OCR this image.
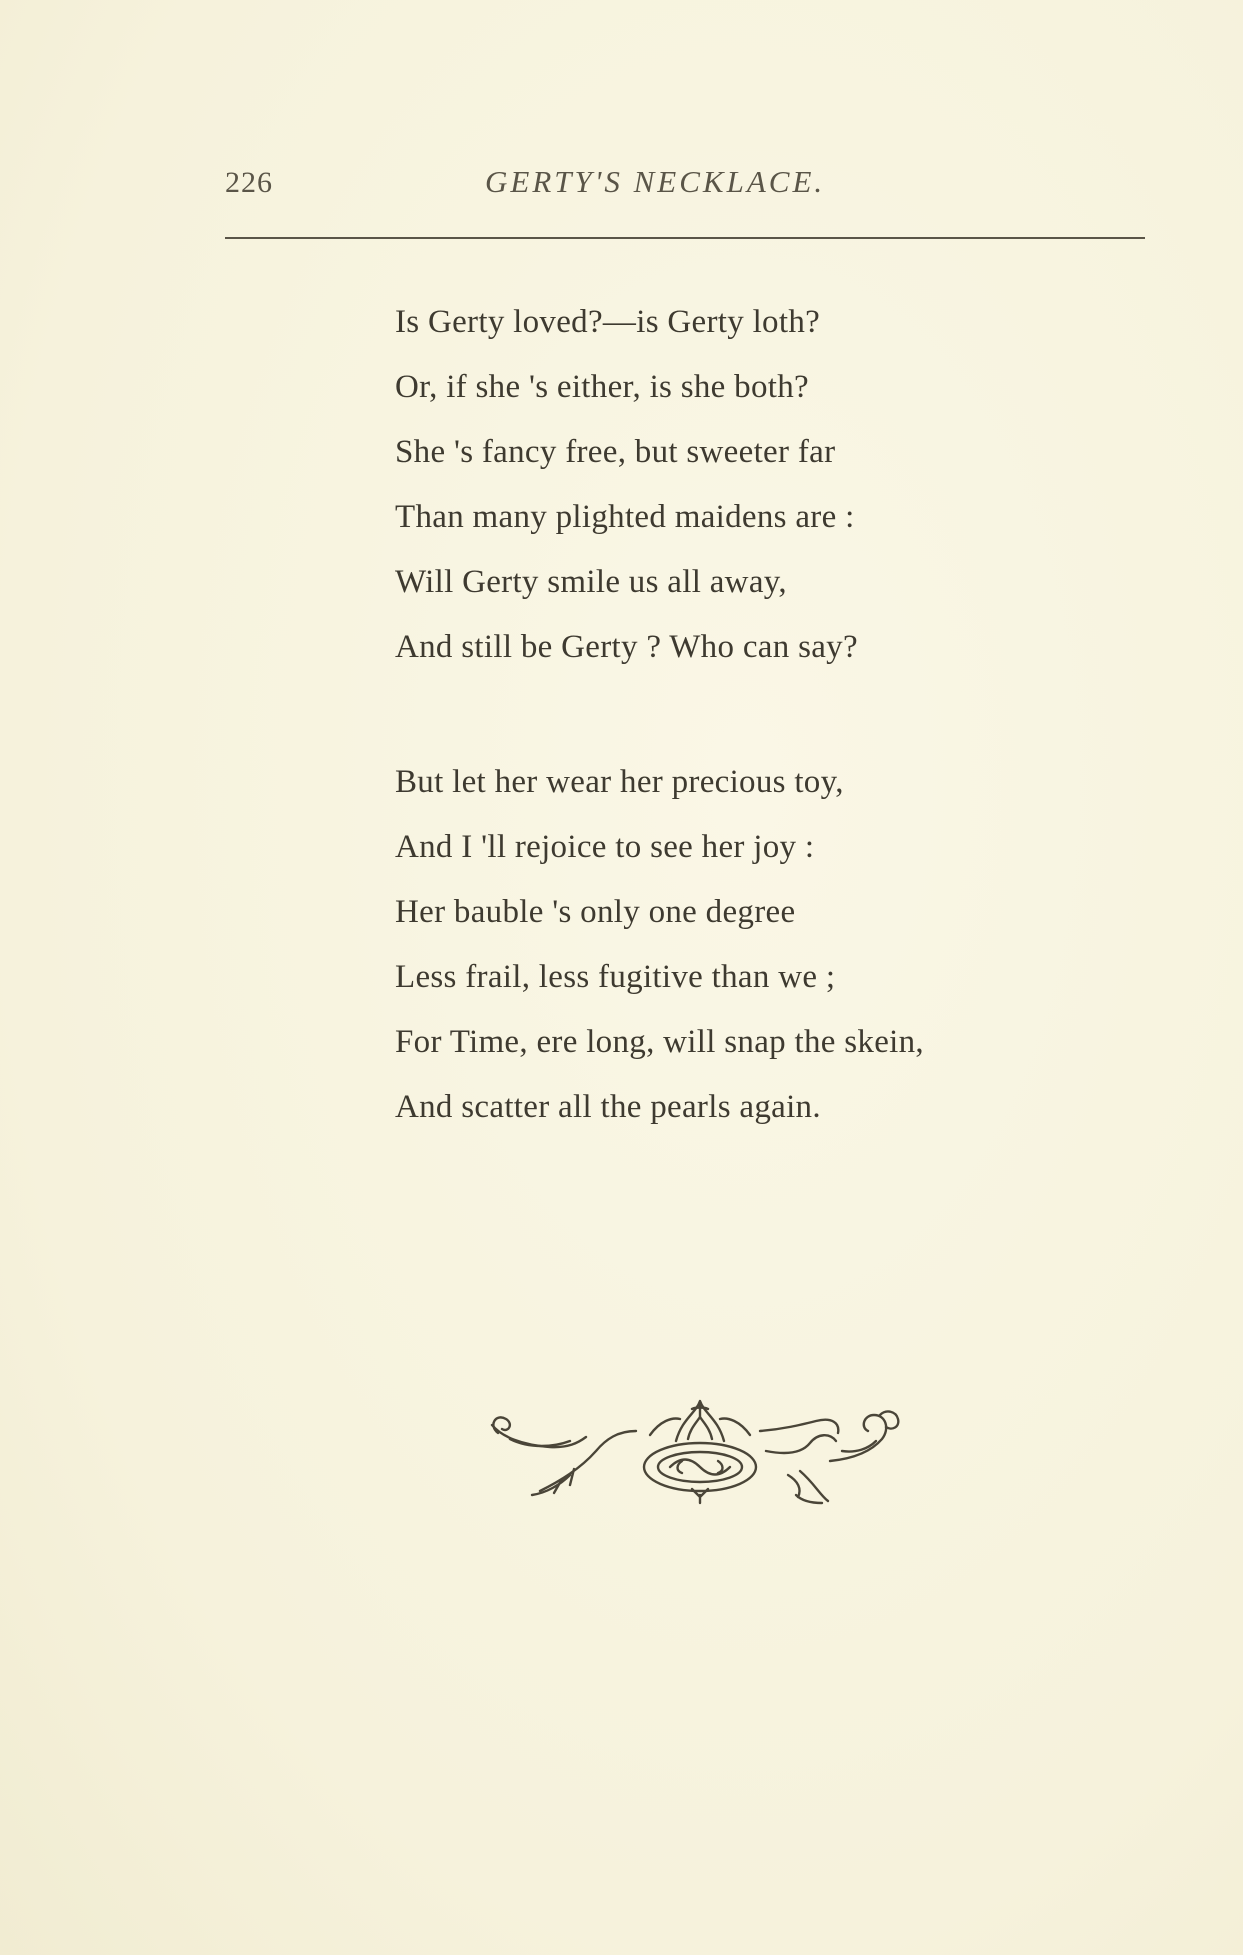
226	GERTY'S NECKLACE.

Is Gerty loved?—is Gerty loth?
Or, if she 's either, is she both?
She 's fancy free, but sweeter far
Than many plighted maidens are :
Will Gerty smile us all away,
And still be Gerty ? Who can say?

But let her wear her precious toy,
And I 'll rejoice to see her joy :
Her bauble 's only one degree
Less frail, less fugitive than we ;
For Time, ere long, will snap the skein,
And scatter all the pearls again.
